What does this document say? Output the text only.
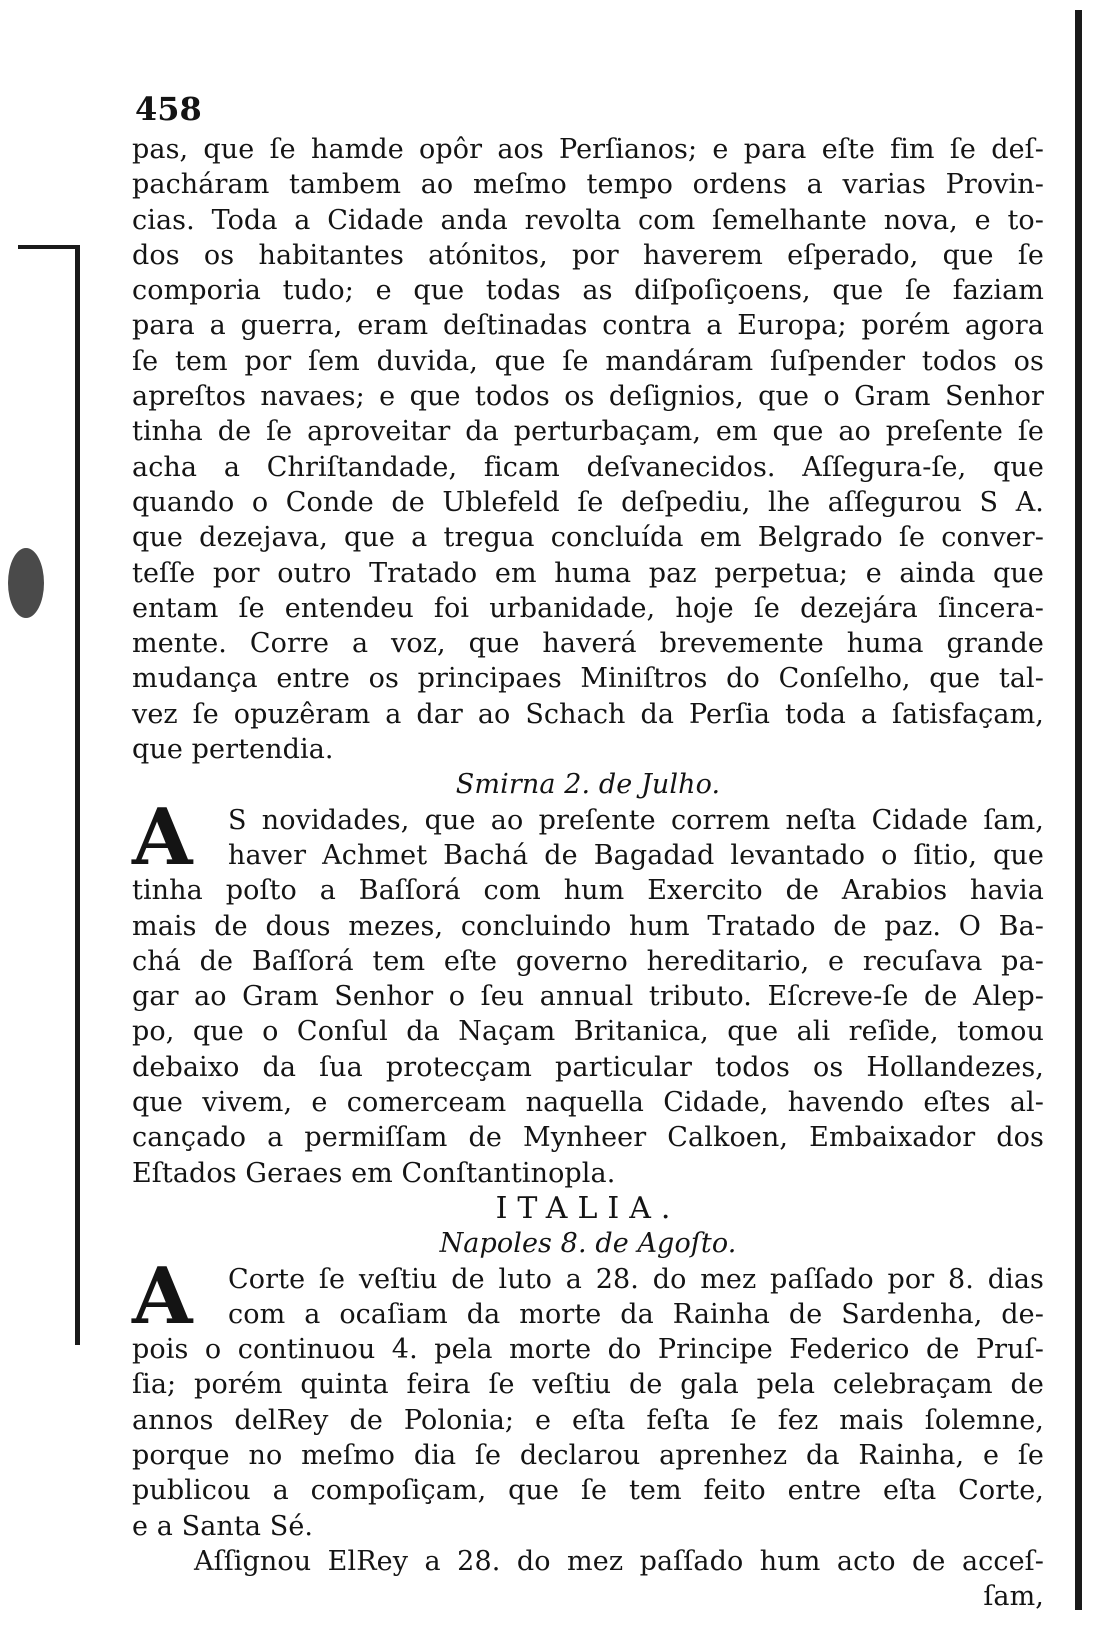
458

pas, que ſe hamde opôr aos Perſianos; e para eſte fim ſe deſ-
pacháram tambem ao meſmo tempo ordens a varias Provin-
cias. Toda a Cidade anda revolta com ſemelhante nova, e to-
dos os habitantes atónitos, por haverem eſperado, que ſe
comporia tudo; e que todas as diſpoſiçoens, que ſe faziam
para a guerra, eram deſtinadas contra a Europa; porém agora
ſe tem por ſem duvida, que ſe mandáram ſuſpender todos os
apreſtos navaes; e que todos os deſignios, que o Gram Senhor
tinha de ſe aproveitar da perturbaçam, em que ao preſente ſe
acha a Chriſtandade, ficam deſvanecidos. Aſſegura-ſe, que
quando o Conde de Ublefeld ſe deſpediu, lhe aſſegurou S A.
que dezejava, que a tregua concluída em Belgrado ſe conver-
teſſe por outro Tratado em huma paz perpetua; e ainda que
entam ſe entendeu foi urbanidade, hoje ſe dezejára ſincera-
mente. Corre a voz, que haverá brevemente huma grande
mudança entre os principaes Miniſtros do Conſelho, que tal-
vez ſe opuzêram a dar ao Schach da Perſia toda a ſatisfaçam,
que pertendia.
Smirna 2. de Julho.
A	S novidades, que ao preſente correm neſta Cidade ſam,
haver Achmet Bachá de Bagadad levantado o ſitio, que
tinha poſto a Baſſorá com hum Exercito de Arabios havia
mais de dous mezes, concluindo hum Tratado de paz. O Ba-
chá de Baſſorá tem eſte governo hereditario, e recuſava pa-
gar ao Gram Senhor o ſeu annual tributo. Eſcreve-ſe de Alep-
po, que o Conſul da Naçam Britanica, que ali reſide, tomou
debaixo da ſua protecçam particular todos os Hollandezes,
que vivem, e comerceam naquella Cidade, havendo eſtes al-
cançado a permiſſam de Mynheer Calkoen, Embaixador dos
Eſtados Geraes em Conſtantinopla.
ITALIA.
Napoles 8. de Agoſto.
A	Corte ſe veſtiu de luto a 28. do mez paſſado por 8. dias
com a ocaſiam da morte da Rainha de Sardenha, de-
pois o continuou 4. pela morte do Principe Federico de Pruſ-
ſia; porém quinta feira ſe veſtiu de gala pela celebraçam de
annos delRey de Polonia; e eſta feſta ſe fez mais ſolemne,
porque no meſmo dia ſe declarou aprenhez da Rainha, e ſe
publicou a compoſiçam, que ſe tem feito entre eſta Corte,
e a Santa Sé.
Aſſignou ElRey a 28. do mez paſſado hum acto de acceſ-
ſam,
